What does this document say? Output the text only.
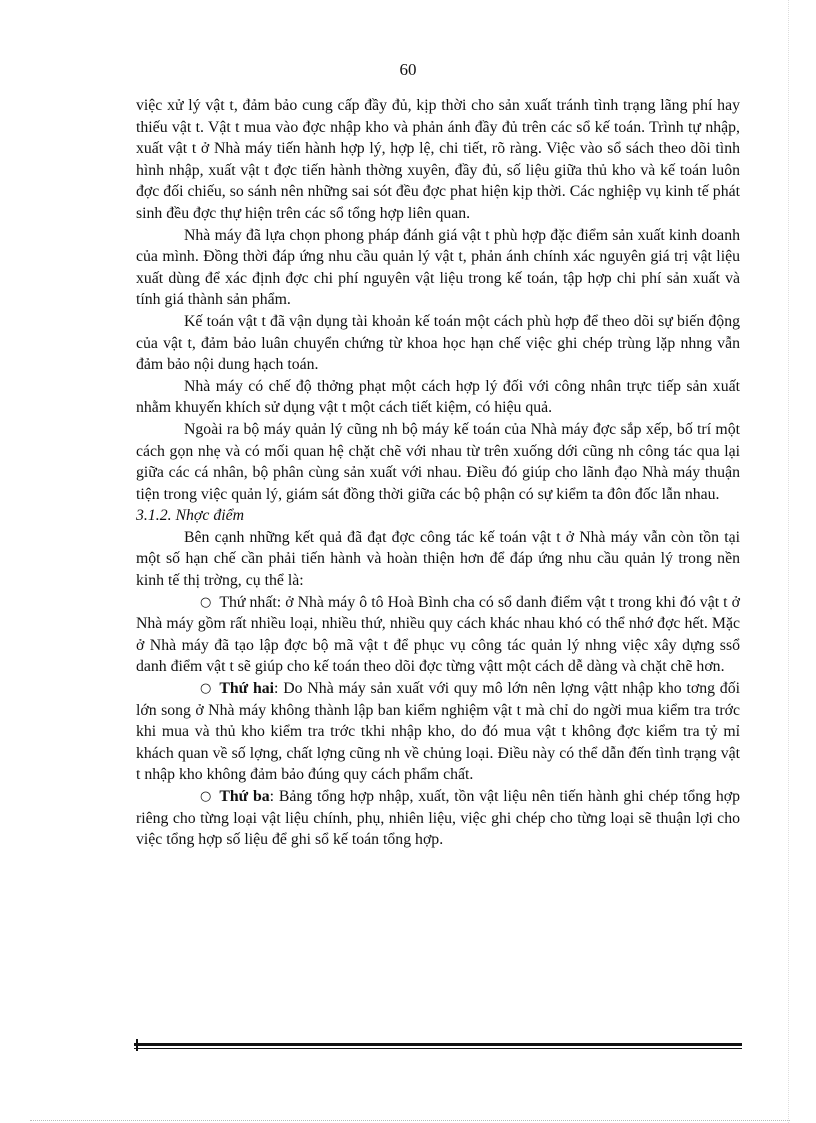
60

việc xử lý vật t, đảm bảo cung cấp đầy đủ, kịp thời cho sản xuất tránh tình trạng lãng phí hay thiếu vật t. Vật t mua vào đợc nhập kho và phản ánh đầy đủ trên các sổ kế toán. Trình tự nhập, xuất vật t ở Nhà máy tiến hành hợp lý, hợp lệ, chi tiết, rõ ràng. Việc vào sổ sách theo dõi tình hình nhập, xuất vật t đợc tiến hành thờng xuyên, đầy đủ, số liệu giữa thủ kho và kế toán luôn đợc đối chiếu, so sánh nên những sai sót đều đợc phat hiện kịp thời. Các nghiệp vụ kinh tế phát sinh đều đợc thự hiện trên các sổ tổng hợp liên quan.

Nhà máy đã lựa chọn phong pháp đánh giá vật t phù hợp đặc điểm sản xuất kinh doanh của mình. Đồng thời đáp ứng nhu cầu quản lý vật t, phản ánh chính xác nguyên giá trị vật liệu xuất dùng để xác định đợc chi phí nguyên vật liệu trong kế toán, tập hợp chi phí sản xuất và tính giá thành sản phẩm.

Kế toán vật t đã vận dụng tài khoản kế toán một cách phù hợp để theo dõi sự biến động của vật t, đảm bảo luân chuyển chứng từ khoa học hạn chế việc ghi chép trùng lặp nhng vẫn đảm bảo nội dung hạch toán.

Nhà máy có chế độ thởng phạt một cách hợp lý đối với công nhân trực tiếp sản xuất nhằm khuyến khích sử dụng vật t một cách tiết kiệm, có hiệu quả.

Ngoài ra bộ máy quản lý cũng nh bộ máy kế toán của Nhà máy đợc sắp xếp, bố trí một cách gọn nhẹ và có mối quan hệ chặt chẽ với nhau từ trên xuống dới cũng nh công tác qua lại giữa các cá nhân, bộ phân cùng sản xuất với nhau. Điều đó giúp cho lãnh đạo Nhà máy thuận tiện trong việc quản lý, giám sát đồng thời giữa các bộ phận có sự kiểm ta đôn đốc lẫn nhau.

3.1.2. Nhợc điểm

Bên cạnh những kết quả đã đạt đợc công tác kế toán vật t ở Nhà máy vẫn còn tồn tại một số hạn chế cần phải tiến hành và hoàn thiện hơn để đáp ứng nhu cầu quản lý trong nền kinh tế thị trờng, cụ thể là:

○ Thứ nhất: ở Nhà máy ô tô Hoà Bình cha có sổ danh điểm vật t trong khi đó vật t ở Nhà máy gồm rất nhiều loại, nhiều thứ, nhiều quy cách khác nhau khó có thể nhớ đợc hết. Mặc ở Nhà máy đã tạo lập đợc bộ mã vật t để phục vụ công tác quản lý nhng việc xây dựng ssổ danh điểm vật t sẽ giúp cho kế toán theo dõi đợc từng vậtt một cách dễ dàng và chặt chẽ hơn.

○ Thứ hai: Do Nhà máy sản xuất với quy mô lớn nên lợng vậtt nhập kho tơng đối lớn song ở Nhà máy không thành lập ban kiểm nghiệm vật t mà chỉ do ngời mua kiểm tra trớc khi mua và thủ kho kiểm tra trớc tkhi nhập kho, do đó mua vật t không đợc kiểm tra tỷ mỉ khách quan về số lợng, chất lợng cũng nh về chủng loại. Điều này có thể dẫn đến tình trạng vật t nhập kho không đảm bảo đúng quy cách phẩm chất.

○ Thứ ba: Bảng tổng hợp nhập, xuất, tồn vật liệu nên tiến hành ghi chép tổng hợp riêng cho từng loại vật liệu chính, phụ, nhiên liệu, việc ghi chép cho từng loại sẽ thuận lợi cho việc tổng hợp số liệu để ghi sổ kế toán tổng hợp.
